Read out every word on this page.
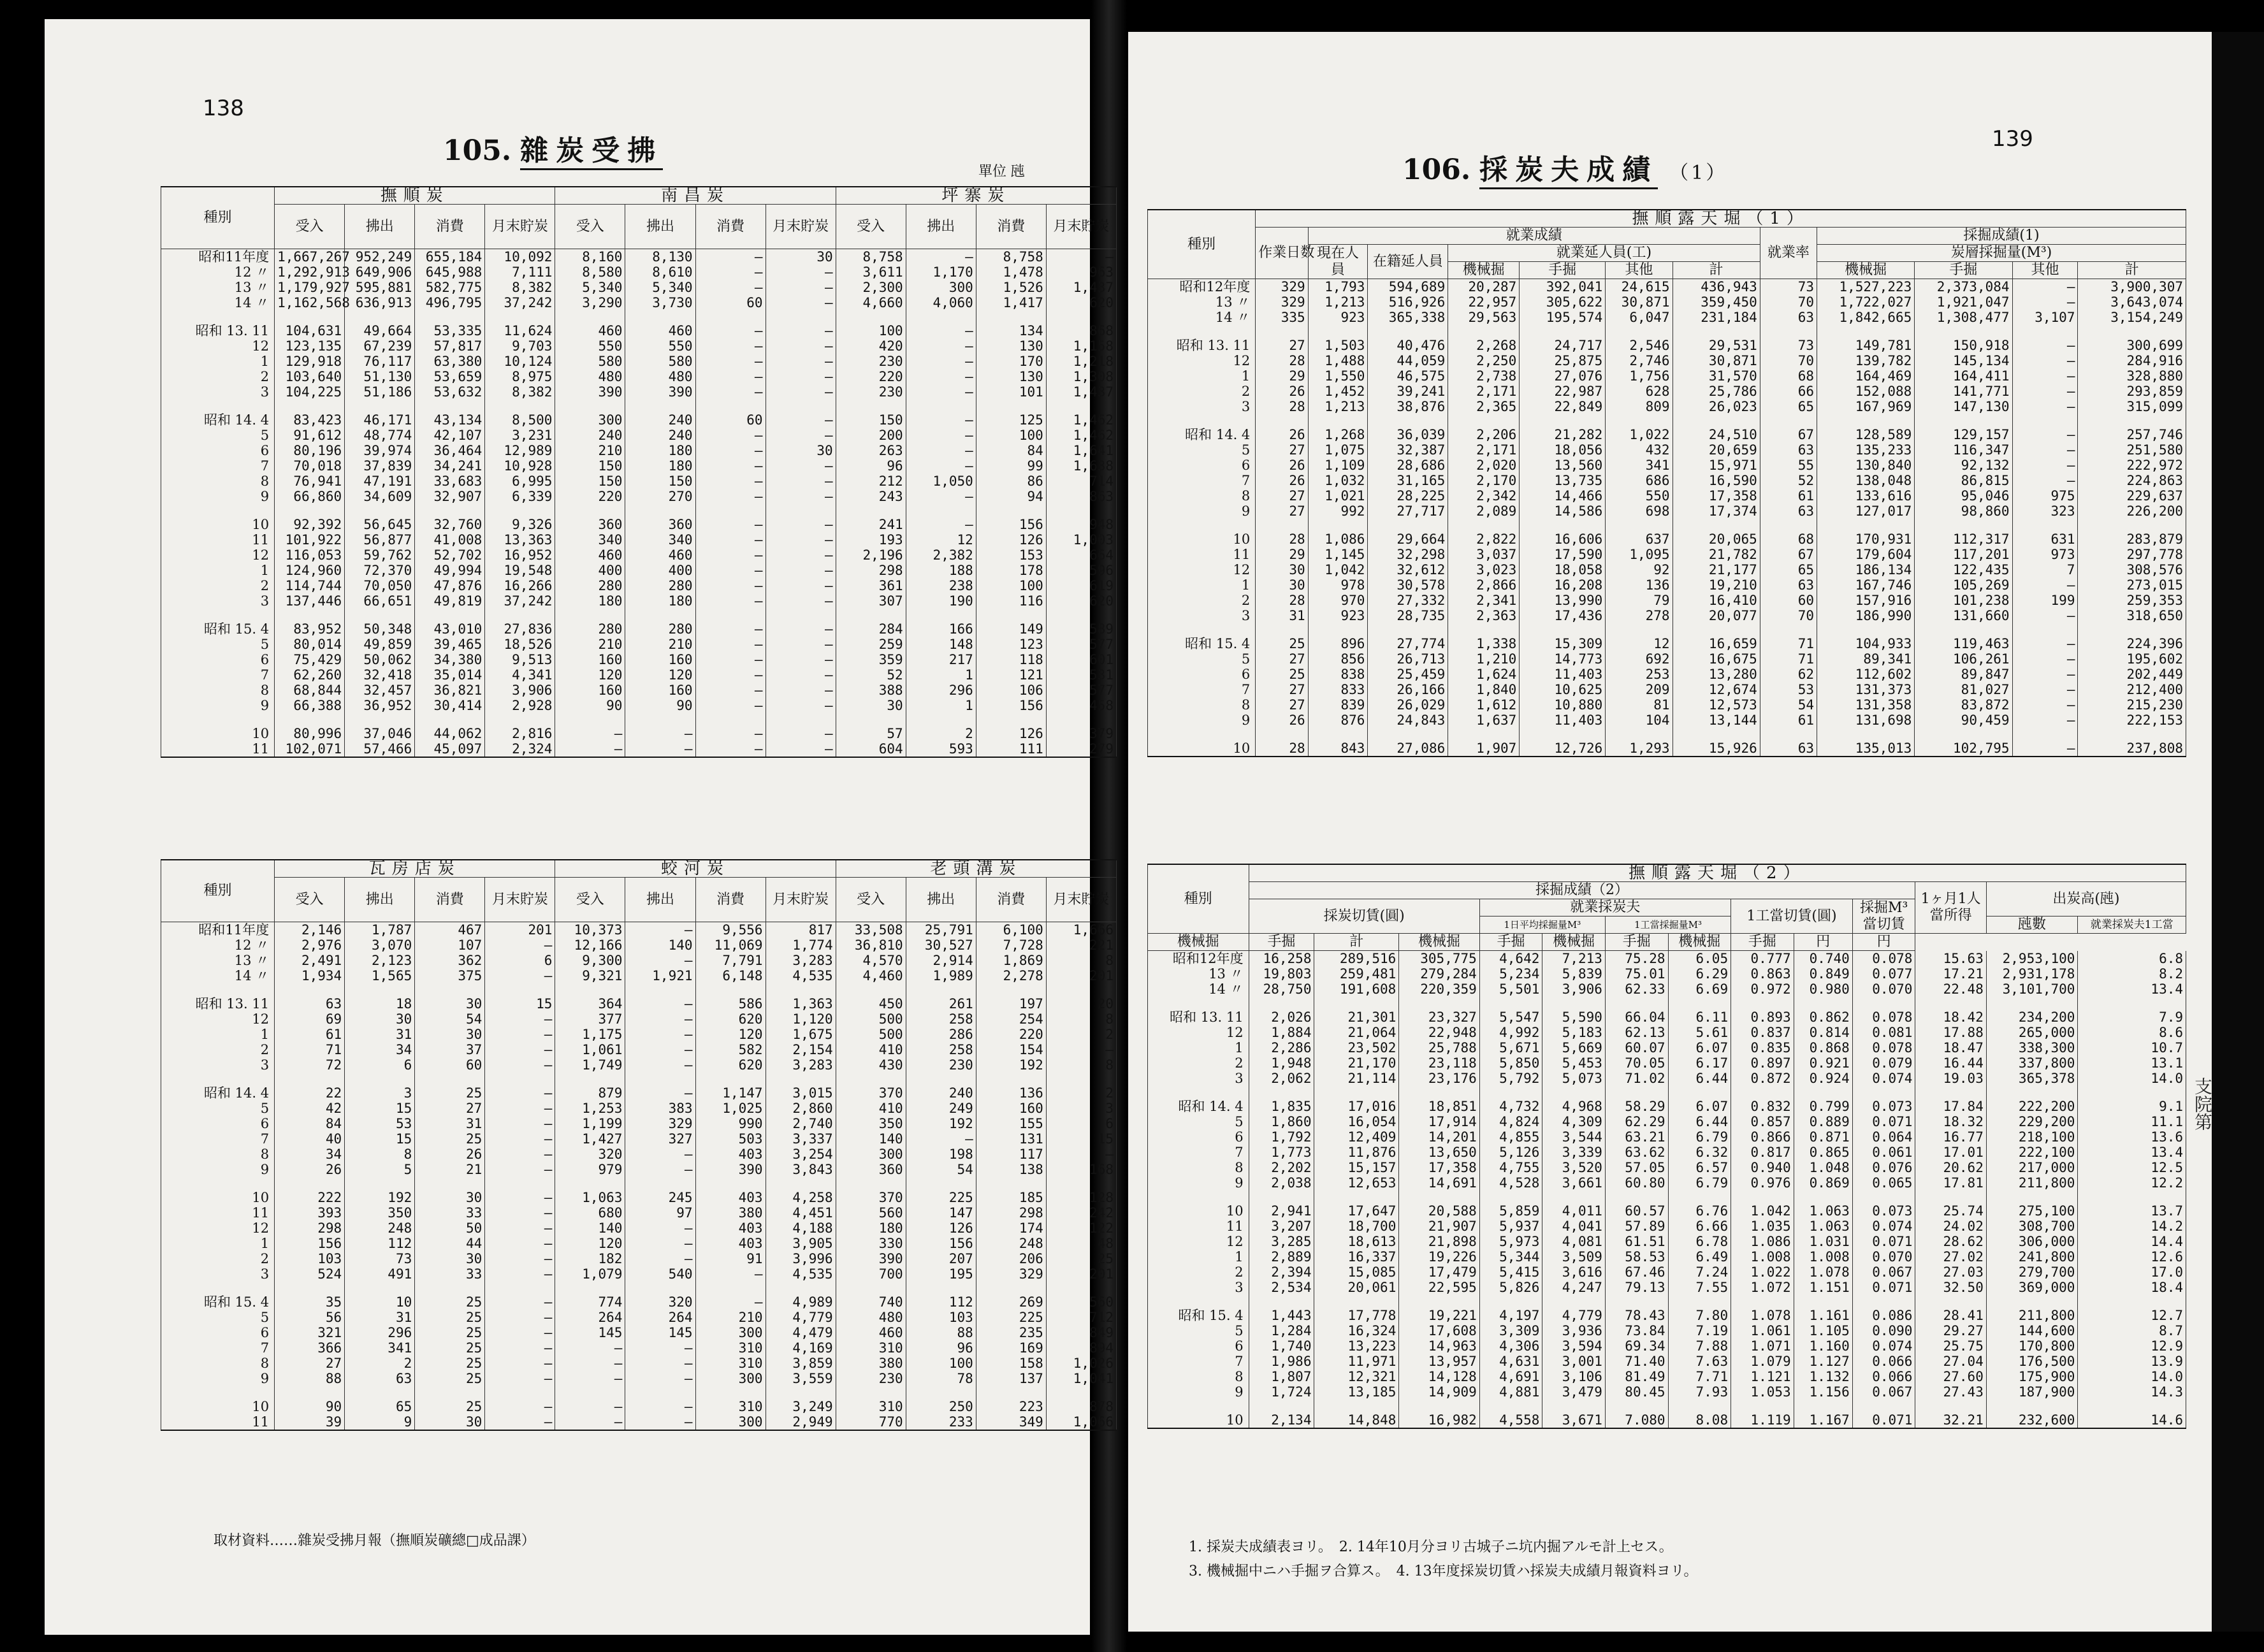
138
105. 雜炭受拂
單位 瓲
種別	撫順炭				南昌炭				坪寨炭			
	受入	拂出	消費	月末貯炭	受入	拂出	消費	月末貯炭	受入	拂出	消費	月末貯炭
昭和11年度	1,667,267	952,249	655,184	10,092	8,160	8,130	—	30	8,758	—	8,758	—
12 〃	1,292,913	649,906	645,988	7,111	8,580	8,610	—	—	3,611	1,170	1,478	963
13 〃	1,179,927	595,881	582,775	8,382	5,340	5,340	—	—	2,300	300	1,526	1,437
14 〃	1,162,568	636,913	496,795	37,242	3,290	3,730	60	—	4,660	4,060	1,417	620

昭和 13. 11	104,631	49,664	53,335	11,624	460	460	—	—	100	—	134	868
12	123,135	67,239	57,817	9,703	550	550	—	—	420	—	130	1,158
1	129,918	76,117	63,380	10,124	580	580	—	—	230	—	170	1,218
2	103,640	51,130	53,659	8,975	480	480	—	—	220	—	130	1,308
3	104,225	51,186	53,632	8,382	390	390	—	—	230	—	101	1,437

昭和 14. 4	83,423	46,171	43,134	8,500	300	240	60	—	150	—	125	1,462
5	91,612	48,774	42,107	3,231	240	240	—	—	200	—	100	1,462
6	80,196	39,974	36,464	12,989	210	180	—	30	263	—	84	1,641
7	70,018	37,839	34,241	10,928	150	180	—	—	96	—	99	1,638
8	76,941	47,191	33,683	6,995	150	150	—	—	212	1,050	86	714
9	66,860	34,609	32,907	6,339	220	270	—	—	243	—	94	863

10	92,392	56,645	32,760	9,326	360	360	—	—	241	—	156	948
11	101,922	56,877	41,008	13,363	340	340	—	—	193	12	126	1,003
12	116,053	59,762	52,702	16,952	460	460	—	—	2,196	2,382	153	664
1	124,960	72,370	49,994	19,548	400	400	—	—	298	188	178	596
2	114,744	70,050	47,876	16,266	280	280	—	—	361	238	100	619
3	137,446	66,651	49,819	37,242	180	180	—	—	307	190	116	620

昭和 15. 4	83,952	50,348	43,010	27,836	280	280	—	—	284	166	149	589
5	80,014	49,859	39,465	18,526	210	210	—	—	259	148	123	577
6	75,429	50,062	34,380	9,513	160	160	—	—	359	217	118	601
7	62,260	32,418	35,014	4,341	120	120	—	—	52	1	121	531
8	68,844	32,457	36,821	3,906	160	160	—	—	388	296	106	577
9	66,388	36,952	30,414	2,928	90	90	—	—	30	1	156	458

10	80,996	37,046	44,062	2,816	—	—	—	—	57	2	126	379
11	102,071	57,466	45,097	2,324	—	—	—	—	604	593	111	279
種別	瓦房店炭				蛟河炭				老頭溝炭			
	受入	拂出	消費	月末貯炭	受入	拂出	消費	月末貯炭	受入	拂出	消費	月末貯炭
昭和11年度	2,146	1,787	467	201	10,373	—	9,556	817	33,508	25,791	6,100	1,666
12 〃	2,976	3,070	107	—	12,166	140	11,069	1,774	36,810	30,527	7,728	221
13 〃	2,491	2,123	362	6	9,300	—	7,791	3,283	4,570	2,914	1,869	8
14 〃	1,934	1,565	375	—	9,321	1,921	6,148	4,535	4,460	1,989	2,278	201

昭和 13. 11	63	18	30	15	364	—	586	1,363	450	261	197	20
12	69	30	54	—	377	—	620	1,120	500	258	254	8
1	61	31	30	—	1,175	—	120	1,675	500	286	220	2
2	71	34	37	—	1,061	—	582	2,154	410	258	154	—
3	72	6	60	—	1,749	—	620	3,283	430	230	192	8

昭和 14. 4	22	3	25	—	879	—	1,147	3,015	370	240	136	2
5	42	15	27	—	1,253	383	1,025	2,860	410	249	160	3
6	84	53	31	—	1,199	329	990	2,740	350	192	155	6
7	40	15	25	—	1,427	327	503	3,337	140	—	131	15
8	34	8	26	—	320	—	403	3,254	300	198	117	—
9	26	5	21	—	979	—	390	3,843	360	54	138	168

10	222	192	30	—	1,063	245	403	4,258	370	225	185	128
11	393	350	33	—	680	97	380	4,451	560	147	298	242
12	298	248	50	—	140	—	403	4,188	180	126	174	122
1	156	112	44	—	120	—	403	3,905	330	156	248	48
2	103	73	30	—	182	—	91	3,996	390	207	206	25
3	524	491	33	—	1,079	540	—	4,535	700	195	329	201

昭和 15. 4	35	10	25	—	774	320	—	4,989	740	112	269	560
5	56	31	25	—	264	264	210	4,779	480	103	225	712
6	321	296	25	—	145	145	300	4,479	460	88	235	849
7	366	341	25	—	—	—	310	4,169	310	96	169	894
8	27	2	25	—	—	—	310	3,859	380	100	158	1,026
9	88	63	25	—	—	—	300	3,559	230	78	137	1,041

10	90	65	25	—	—	—	310	3,249	310	250	223	878
11	39	9	30	—	—	—	300	2,949	770	233	349	1,066
取材資料……雜炭受拂月報（撫順炭礦總□成品課）
139
106. 採炭夫成績 （1）
種別	撫順露天堀（1）											
	作業日数	就業成績						就業率	採掘成績(1)			
		現在人員	在籍延人員	就業延人員(工)					炭層採掘量(M³)			
				機械掘	手掘	其他	計		機械掘	手掘	其他	計
昭和12年度	329	1,793	594,689	20,287	392,041	24,615	436,943	73	1,527,223	2,373,084	—	3,900,307
13 〃	329	1,213	516,926	22,957	305,622	30,871	359,450	70	1,722,027	1,921,047	—	3,643,074
14 〃	335	923	365,338	29,563	195,574	6,047	231,184	63	1,842,665	1,308,477	3,107	3,154,249

昭和 13. 11	27	1,503	40,476	2,268	24,717	2,546	29,531	73	149,781	150,918	—	300,699
12	28	1,488	44,059	2,250	25,875	2,746	30,871	70	139,782	145,134	—	284,916
1	29	1,550	46,575	2,738	27,076	1,756	31,570	68	164,469	164,411	—	328,880
2	26	1,452	39,241	2,171	22,987	628	25,786	66	152,088	141,771	—	293,859
3	28	1,213	38,876	2,365	22,849	809	26,023	65	167,969	147,130	—	315,099

昭和 14. 4	26	1,268	36,039	2,206	21,282	1,022	24,510	67	128,589	129,157	—	257,746
5	27	1,075	32,387	2,171	18,056	432	20,659	63	135,233	116,347	—	251,580
6	26	1,109	28,686	2,020	13,560	341	15,971	55	130,840	92,132	—	222,972
7	26	1,032	31,165	2,170	13,735	686	16,590	52	138,048	86,815	—	224,863
8	27	1,021	28,225	2,342	14,466	550	17,358	61	133,616	95,046	975	229,637
9	27	992	27,717	2,089	14,586	698	17,374	63	127,017	98,860	323	226,200

10	28	1,086	29,664	2,822	16,606	637	20,065	68	170,931	112,317	631	283,879
11	29	1,145	32,298	3,037	17,590	1,095	21,782	67	179,604	117,201	973	297,778
12	30	1,042	32,612	3,023	18,058	92	21,177	65	186,134	122,435	7	308,576
1	30	978	30,578	2,866	16,208	136	19,210	63	167,746	105,269	—	273,015
2	28	970	27,332	2,341	13,990	79	16,410	60	157,916	101,238	199	259,353
3	31	923	28,735	2,363	17,436	278	20,077	70	186,990	131,660	—	318,650

昭和 15. 4	25	896	27,774	1,338	15,309	12	16,659	71	104,933	119,463	—	224,396
5	27	856	26,713	1,210	14,773	692	16,675	71	89,341	106,261	—	195,602
6	25	838	25,459	1,624	11,403	253	13,280	62	112,602	89,847	—	202,449
7	27	833	26,166	1,840	10,625	209	12,674	53	131,373	81,027	—	212,400
8	27	839	26,029	1,612	10,880	81	12,573	54	131,358	83,872	—	215,230
9	26	876	24,843	1,637	11,403	104	13,144	61	131,698	90,459	—	222,153

10	28	843	27,086	1,907	12,726	1,293	15,926	63	135,013	102,795	—	237,808
種別	撫順露天堀（2）												
	採掘成績（2）										1ヶ月1人當所得	出炭高(瓲)	
	採炭切賃(圓)			就業採炭夫				1工當切賃(圓)		採掘M³當切賃			
				1日平均採掘量M³		1工當採掘量M³						瓲數	就業採炭夫1工當
機械掘	手掘	計	機械掘	手掘	機械掘	手掘	機械掘	手掘	円	円			
昭和12年度	16,258	289,516	305,775	4,642	7,213	75.28	6.05	0.777	0.740	0.078	15.63	2,953,100	6.8
13 〃	19,803	259,481	279,284	5,234	5,839	75.01	6.29	0.863	0.849	0.077	17.21	2,931,178	8.2
14 〃	28,750	191,608	220,359	5,501	3,906	62.33	6.69	0.972	0.980	0.070	22.48	3,101,700	13.4

昭和 13. 11	2,026	21,301	23,327	5,547	5,590	66.04	6.11	0.893	0.862	0.078	18.42	234,200	7.9
12	1,884	21,064	22,948	4,992	5,183	62.13	5.61	0.837	0.814	0.081	17.88	265,000	8.6
1	2,286	23,502	25,788	5,671	5,669	60.07	6.07	0.835	0.868	0.078	18.47	338,300	10.7
2	1,948	21,170	23,118	5,850	5,453	70.05	6.17	0.897	0.921	0.079	16.44	337,800	13.1
3	2,062	21,114	23,176	5,792	5,073	71.02	6.44	0.872	0.924	0.074	19.03	365,378	14.0

昭和 14. 4	1,835	17,016	18,851	4,732	4,968	58.29	6.07	0.832	0.799	0.073	17.84	222,200	9.1
5	1,860	16,054	17,914	4,824	4,309	62.29	6.44	0.857	0.889	0.071	18.32	229,200	11.1
6	1,792	12,409	14,201	4,855	3,544	63.21	6.79	0.866	0.871	0.064	16.77	218,100	13.6
7	1,773	11,876	13,650	5,126	3,339	63.62	6.32	0.817	0.865	0.061	17.01	222,100	13.4
8	2,202	15,157	17,358	4,755	3,520	57.05	6.57	0.940	1.048	0.076	20.62	217,000	12.5
9	2,038	12,653	14,691	4,528	3,661	60.80	6.79	0.976	0.869	0.065	17.81	211,800	12.2

10	2,941	17,647	20,588	5,859	4,011	60.57	6.76	1.042	1.063	0.073	25.74	275,100	13.7
11	3,207	18,700	21,907	5,937	4,041	57.89	6.66	1.035	1.063	0.074	24.02	308,700	14.2
12	3,285	18,613	21,898	5,973	4,081	61.51	6.78	1.086	1.031	0.071	28.62	306,000	14.4
1	2,889	16,337	19,226	5,344	3,509	58.53	6.49	1.008	1.008	0.070	27.02	241,800	12.6
2	2,394	15,085	17,479	5,415	3,616	67.46	7.24	1.022	1.078	0.067	27.03	279,700	17.0
3	2,534	20,061	22,595	5,826	4,247	79.13	7.55	1.072	1.151	0.071	32.50	369,000	18.4

昭和 15. 4	1,443	17,778	19,221	4,197	4,779	78.43	7.80	1.078	1.161	0.086	28.41	211,800	12.7
5	1,284	16,324	17,608	3,309	3,936	73.84	7.19	1.061	1.105	0.090	29.27	144,600	8.7
6	1,740	13,223	14,963	4,306	3,594	69.34	7.88	1.071	1.160	0.074	25.75	170,800	12.9
7	1,986	11,971	13,957	4,631	3,001	71.40	7.63	1.079	1.127	0.066	27.04	176,500	13.9
8	1,807	12,321	14,128	4,691	3,106	81.49	7.71	1.121	1.132	0.066	27.60	175,900	14.0
9	1,724	13,185	14,909	4,881	3,479	80.45	7.93	1.053	1.156	0.067	27.43	187,900	14.3

10	2,134	14,848	16,982	4,558	3,671	7.080	8.08	1.119	1.167	0.071	32.21	232,600	14.6
1. 採炭夫成績表ヨリ。　2. 14年10月分ヨリ古城子ニ坑内掘アルモ計上セス。
3. 機械掘中ニハ手掘ヲ合算ス。　4. 13年度採炭切賃ハ採炭夫成績月報資料ヨリ。
支院第
